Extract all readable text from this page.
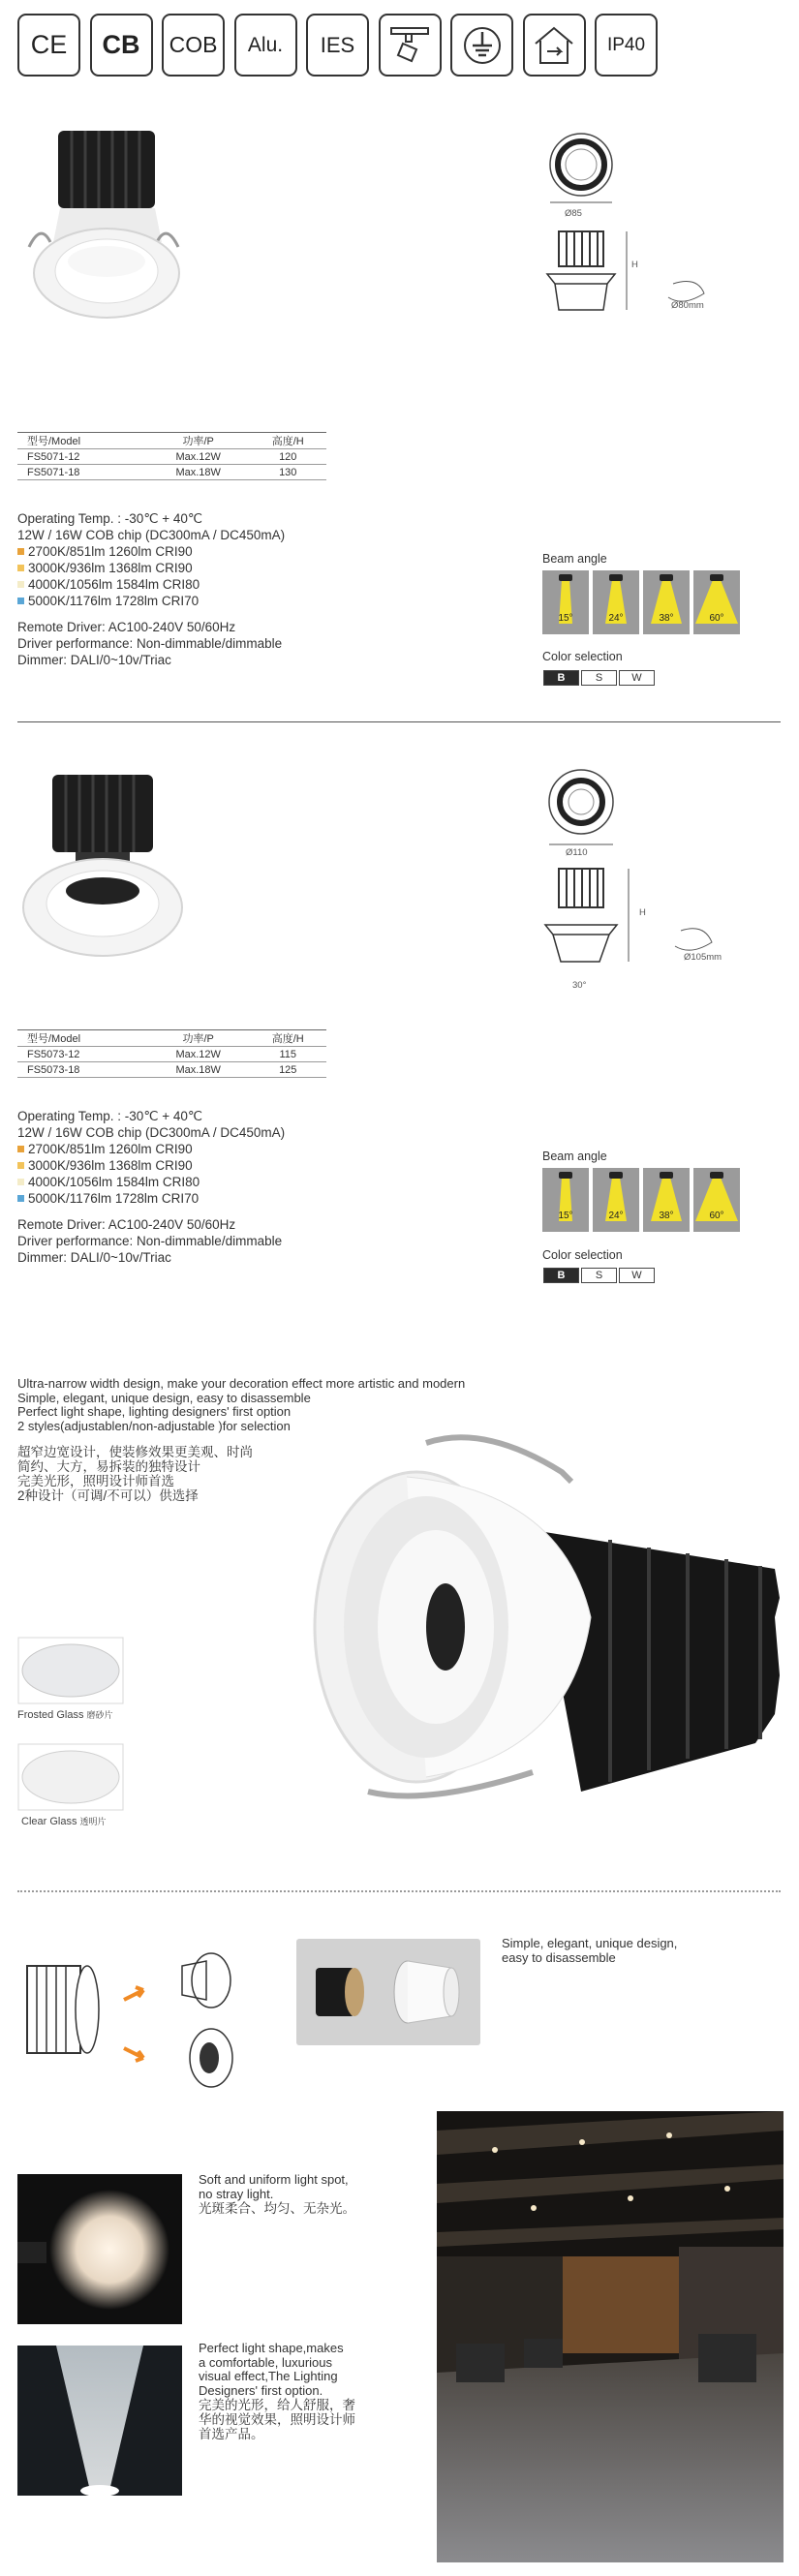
CE CB COB Alu. IES	IP40
Ø85
H
Ø80mm
型号/Model	功率/P	高度/H
FS5071-12	Max.12W	120
FS5071-18	Max.18W	130
Operating Temp. : -30℃ + 40℃
12W / 16W COB chip (DC300mA / DC450mA)
2700K/851lm 1260lm CRI90
3000K/936lm 1368lm CRI90
4000K/1056lm 1584lm CRI80
5000K/1176lm 1728lm CRI70
Remote Driver: AC100-240V 50/60Hz
Driver performance: Non-dimmable/dimmable
Dimmer: DALI/0~10v/Triac
Beam angle
15°	24°	38°	60°
Color selection
B	S	W
Ø110
H
Ø105mm
30°
型号/Model	功率/P	高度/H
FS5073-12	Max.12W	115
FS5073-18	Max.18W	125
Operating Temp. : -30℃ + 40℃
12W / 16W COB chip (DC300mA / DC450mA)
2700K/851lm 1260lm CRI90
3000K/936lm 1368lm CRI90
4000K/1056lm 1584lm CRI80
5000K/1176lm 1728lm CRI70
Remote Driver: AC100-240V 50/60Hz
Driver performance: Non-dimmable/dimmable
Dimmer: DALI/0~10v/Triac
Beam angle
15°	24°	38°	60°
Color selection
B	S	W
Ultra-narrow width design, make your decoration effect more artistic and modern
Simple, elegant, unique design, easy to disassemble
Perfect light shape, lighting designers' first option
2 styles(adjustablen/non-adjustable )for selection
超窄边宽设计，使装修效果更美观、时尚
简约、大方，易拆装的独特设计
完美光形，照明设计师首选
2种设计（可调/不可以）供选择
Frosted Glass 磨砂片
Clear Glass 透明片
Simple, elegant, unique design,
easy to disassemble
Soft and uniform light spot,
no stray light.
光斑柔合、均匀、无杂光。
Perfect light shape,makes
a comfortable, luxurious
visual effect,The Lighting
Designers' first option.
完美的光形，给人舒服，奢
华的视觉效果，照明设计师
首选产品。
